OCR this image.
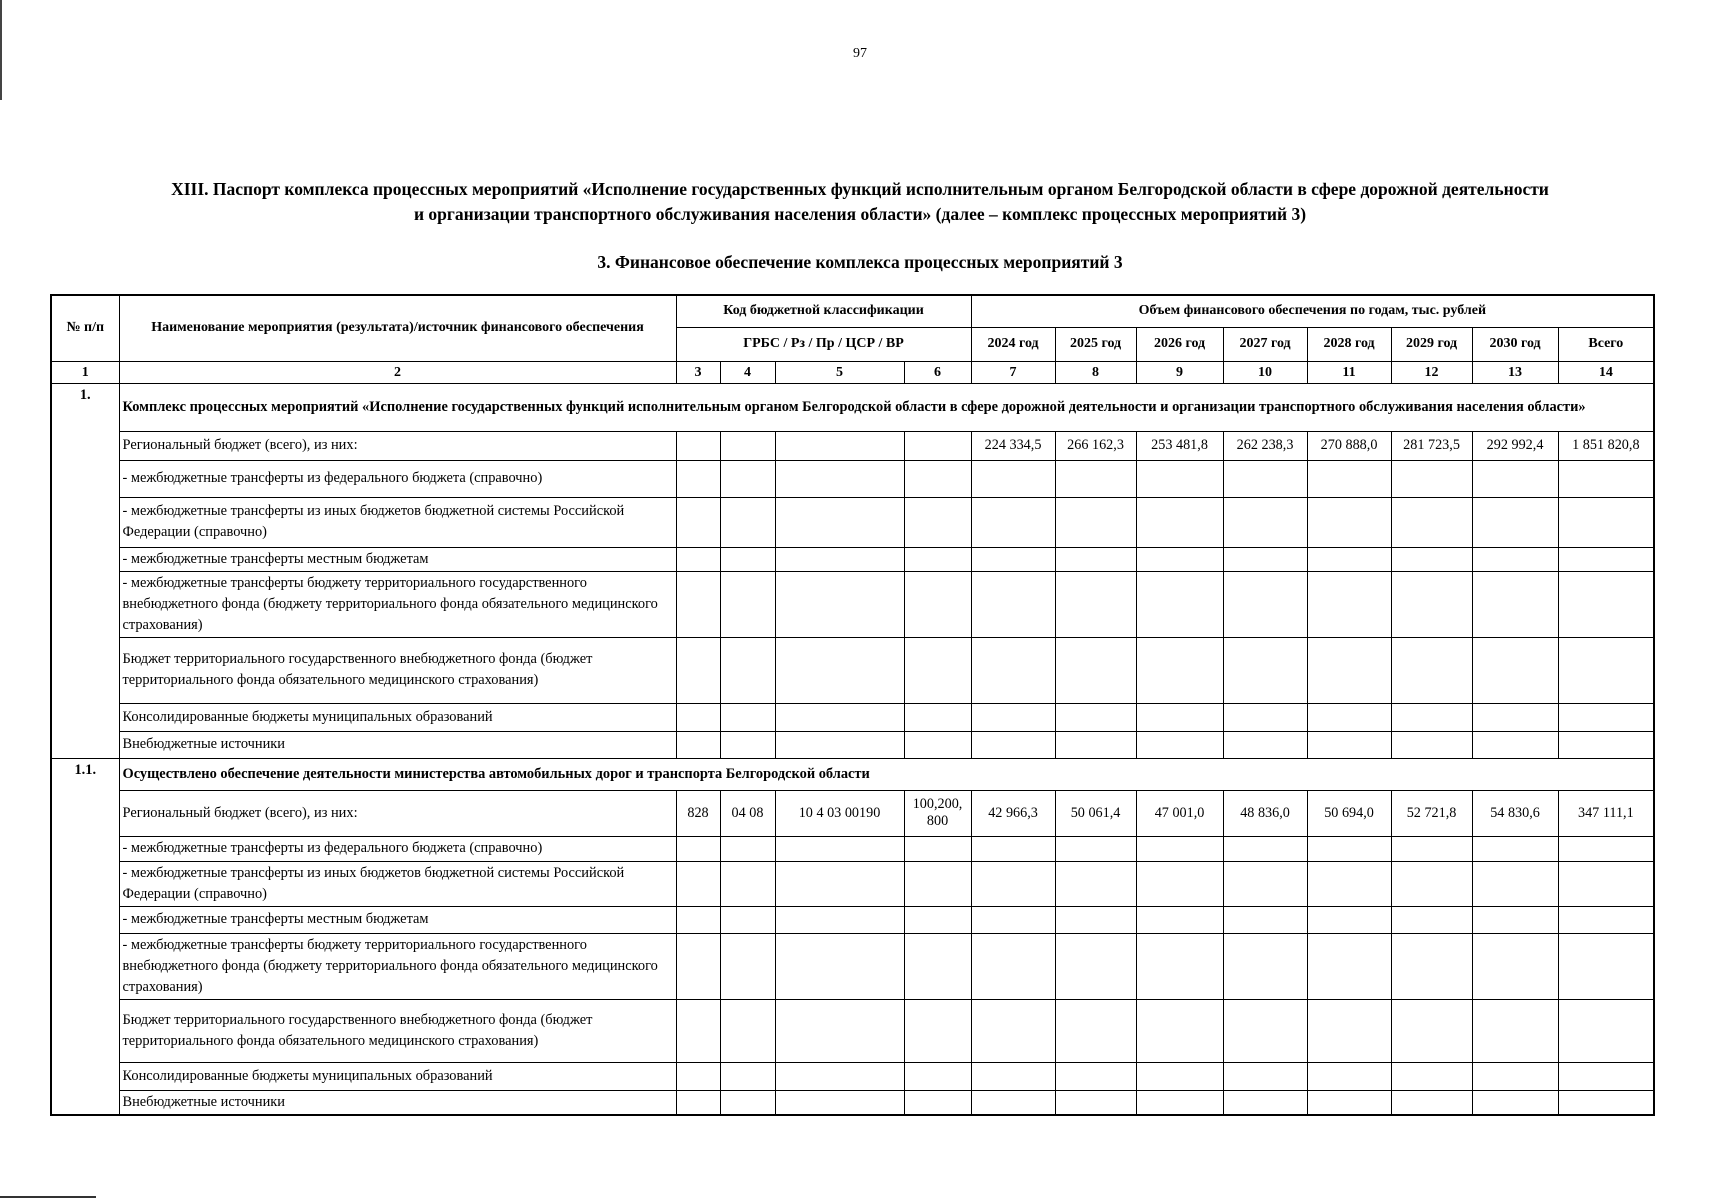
97
XIII. Паспорт комплекса процессных мероприятий «Исполнение государственных функций исполнительным органом Белгородской области в сфере дорожной деятельности
и организации транспортного обслуживания населения области» (далее – комплекс процессных мероприятий 3)
3. Финансовое обеспечение комплекса процессных мероприятий 3
№ п/п	Наименование мероприятия (результата)/источник финансового обеспечения	Код бюджетной классификации				Объем финансового обеспечения по годам, тыс. рублей							
		ГРБС / Рз / Пр / ЦСР / ВР				2024 год	2025 год	2026 год	2027 год	2028 год	2029 год	2030 год	Всего
1	2	3	4	5	6	7	8	9	10	11	12	13	14
1.	Комплекс процессных мероприятий «Исполнение государственных функций исполнительным органом Белгородской области в сфере дорожной деятельности и организации транспортного обслуживания населения области»												
	Региональный бюджет (всего), из них:					224 334,5	266 162,3	253 481,8	262 238,3	270 888,0	281 723,5	292 992,4	1 851 820,8
	- межбюджетные трансферты из федерального бюджета (справочно)												
	- межбюджетные трансферты из иных бюджетов бюджетной системы Российской Федерации (справочно)												
	- межбюджетные трансферты местным бюджетам												
	- межбюджетные трансферты бюджету территориального государственного внебюджетного фонда (бюджету территориального фонда обязательного медицинского страхования)												
	Бюджет территориального государственного внебюджетного фонда (бюджет территориального фонда обязательного медицинского страхования)												
	Консолидированные бюджеты муниципальных образований												
	Внебюджетные источники												
1.1.	Осуществлено обеспечение деятельности министерства автомобильных дорог и транспорта Белгородской области												
	Региональный бюджет (всего), из них:	828	04 08	10 4 03 00190	100,200, 800	42 966,3	50 061,4	47 001,0	48 836,0	50 694,0	52 721,8	54 830,6	347 111,1
	- межбюджетные трансферты из федерального бюджета (справочно)												
	- межбюджетные трансферты из иных бюджетов бюджетной системы Российской Федерации (справочно)												
	- межбюджетные трансферты местным бюджетам												
	- межбюджетные трансферты бюджету территориального государственного внебюджетного фонда (бюджету территориального фонда обязательного медицинского страхования)												
	Бюджет территориального государственного внебюджетного фонда (бюджет территориального фонда обязательного медицинского страхования)												
	Консолидированные бюджеты муниципальных образований												
	Внебюджетные источники												
